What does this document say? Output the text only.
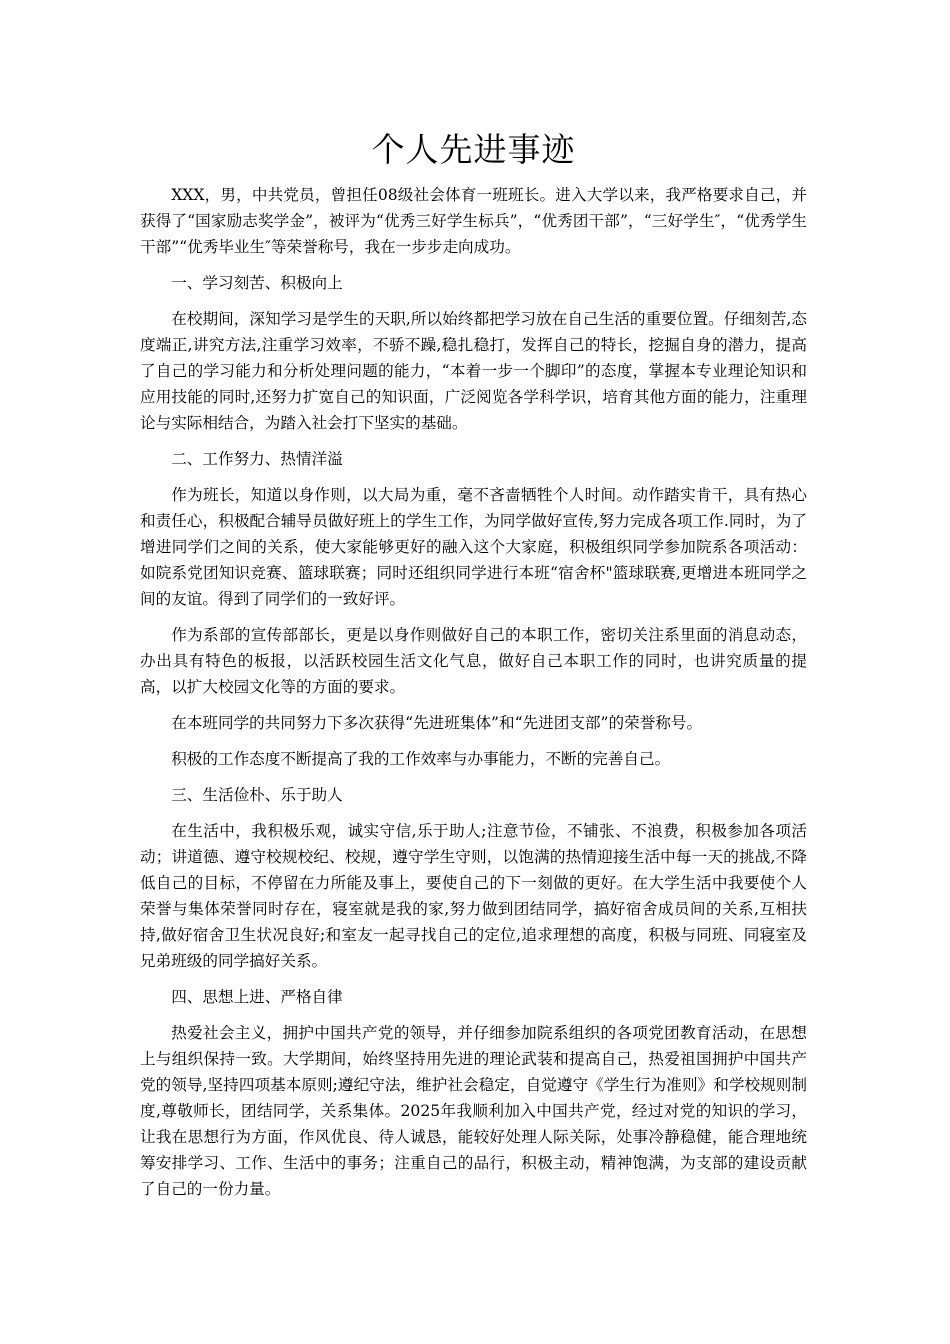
个人先进事迹

XXX，男，中共党员，曾担任08级社会体育一班班长。进入大学以来，我严格要求自己，并获得了“国家励志奖学金”，被评为“优秀三好学生标兵”，“优秀团干部”，“三好学生″，“优秀学生干部”“优秀毕业生″等荣誉称号，我在一步步走向成功。

一、学习刻苦、积极向上

在校期间，深知学习是学生的天职,所以始终都把学习放在自己生活的重要位置。仔细刻苦,态度端正,讲究方法,注重学习效率，不骄不躁,稳扎稳打，发挥自己的特长，挖掘自身的潜力，提高了自己的学习能力和分析处理问题的能力，“本着一步一个脚印”的态度，掌握本专业理论知识和应用技能的同时,还努力扩宽自己的知识面，广泛阅览各学科学识，培育其他方面的能力，注重理论与实际相结合，为踏入社会打下坚实的基础。

二、工作努力、热情洋溢

作为班长，知道以身作则，以大局为重，毫不吝啬牺牲个人时间。动作踏实肯干，具有热心和责任心，积极配合辅导员做好班上的学生工作，为同学做好宣传,努力完成各项工作.同时，为了增进同学们之间的关系，使大家能够更好的融入这个大家庭，积极组织同学参加院系各项活动：如院系党团知识竞赛、篮球联赛；同时还组织同学进行本班“宿舍杯"篮球联赛,更增进本班同学之间的友谊。得到了同学们的一致好评。

作为系部的宣传部部长，更是以身作则做好自己的本职工作，密切关注系里面的消息动态，办出具有特色的板报，以活跃校园生活文化气息，做好自己本职工作的同时，也讲究质量的提高，以扩大校园文化等的方面的要求。

在本班同学的共同努力下多次获得“先进班集体”和“先进团支部”的荣誉称号。

积极的工作态度不断提高了我的工作效率与办事能力，不断的完善自己。

三、生活俭朴、乐于助人

在生活中，我积极乐观，诚实守信,乐于助人;注意节俭，不铺张、不浪费，积极参加各项活动；讲道德、遵守校规校纪、校规，遵守学生守则，以饱满的热情迎接生活中每一天的挑战,不降低自己的目标，不停留在力所能及事上，要使自己的下一刻做的更好。在大学生活中我要使个人荣誉与集体荣誉同时存在，寝室就是我的家,努力做到团结同学，搞好宿舍成员间的关系,互相扶持,做好宿舍卫生状况良好;和室友一起寻找自己的定位,追求理想的高度，积极与同班、同寝室及兄弟班级的同学搞好关系。

四、思想上进、严格自律

热爱社会主义，拥护中国共产党的领导，并仔细参加院系组织的各项党团教育活动，在思想上与组织保持一致。大学期间，始终坚持用先进的理论武装和提高自己，热爱祖国拥护中国共产党的领导,坚持四项基本原则;遵纪守法，维护社会稳定，自觉遵守《学生行为准则》和学校规则制度,尊敬师长，团结同学，关系集体。2025年我顺利加入中国共产党，经过对党的知识的学习，让我在思想行为方面，作风优良、待人诚恳，能较好处理人际关际，处事冷静稳健，能合理地统筹安排学习、工作、生活中的事务；注重自己的品行，积极主动，精神饱满，为支部的建设贡献了自己的一份力量。
